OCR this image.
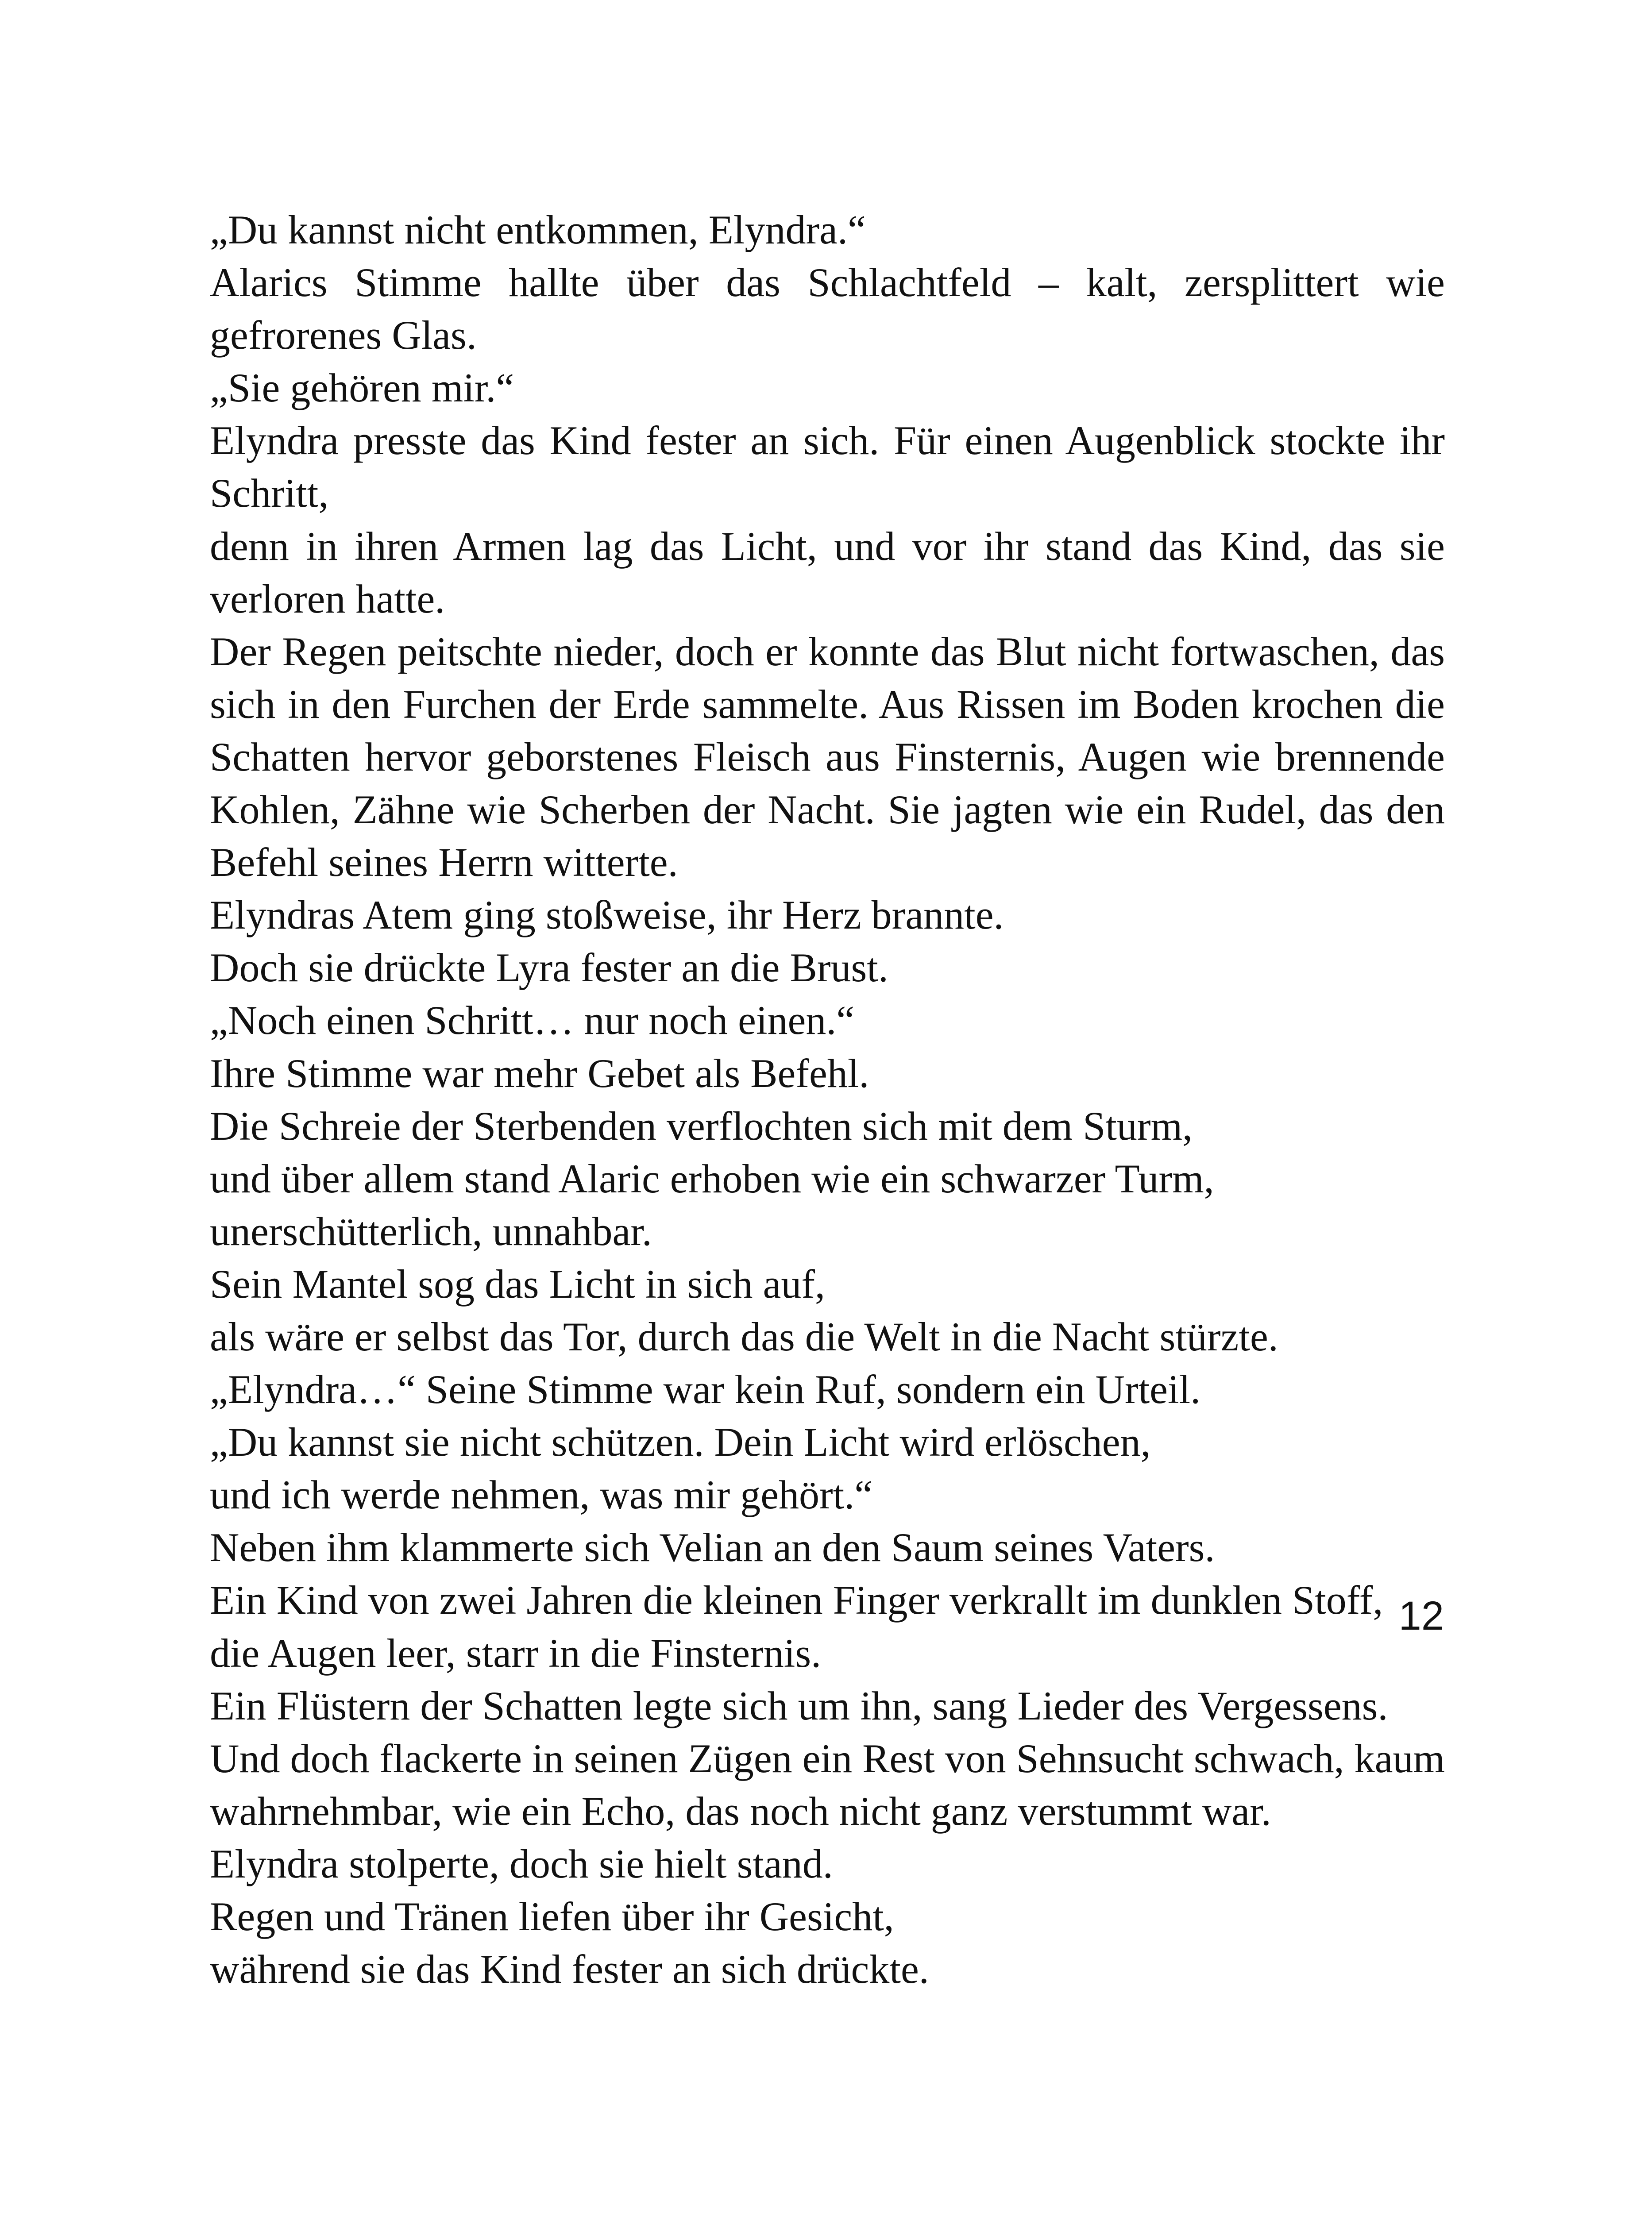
„Du kannst nicht entkommen, Elyndra.“
Alarics Stimme hallte über das Schlachtfeld – kalt, zersplittert wie
gefrorenes Glas.
„Sie gehören mir.“
Elyndra presste das Kind fester an sich. Für einen Augenblick stockte ihr
Schritt,
denn in ihren Armen lag das Licht, und vor ihr stand das Kind, das sie
verloren hatte.
Der Regen peitschte nieder, doch er konnte das Blut nicht fortwaschen, das
sich in den Furchen der Erde sammelte. Aus Rissen im Boden krochen die
Schatten hervor geborstenes Fleisch aus Finsternis, Augen wie brennende
Kohlen, Zähne wie Scherben der Nacht. Sie jagten wie ein Rudel, das den
Befehl seines Herrn witterte.
Elyndras Atem ging stoßweise, ihr Herz brannte.
Doch sie drückte Lyra fester an die Brust.
„Noch einen Schritt… nur noch einen.“
Ihre Stimme war mehr Gebet als Befehl.
Die Schreie der Sterbenden verflochten sich mit dem Sturm,
und über allem stand Alaric erhoben wie ein schwarzer Turm,
unerschütterlich, unnahbar.
Sein Mantel sog das Licht in sich auf,
als wäre er selbst das Tor, durch das die Welt in die Nacht stürzte.
„Elyndra…“ Seine Stimme war kein Ruf, sondern ein Urteil.
„Du kannst sie nicht schützen. Dein Licht wird erlöschen,
und ich werde nehmen, was mir gehört.“
Neben ihm klammerte sich Velian an den Saum seines Vaters.
Ein Kind von zwei Jahren die kleinen Finger verkrallt im dunklen Stoff,
die Augen leer, starr in die Finsternis.
Ein Flüstern der Schatten legte sich um ihn, sang Lieder des Vergessens.
Und doch flackerte in seinen Zügen ein Rest von Sehnsucht schwach, kaum
wahrnehmbar, wie ein Echo, das noch nicht ganz verstummt war.
Elyndra stolperte, doch sie hielt stand.
Regen und Tränen liefen über ihr Gesicht,
während sie das Kind fester an sich drückte.
12
